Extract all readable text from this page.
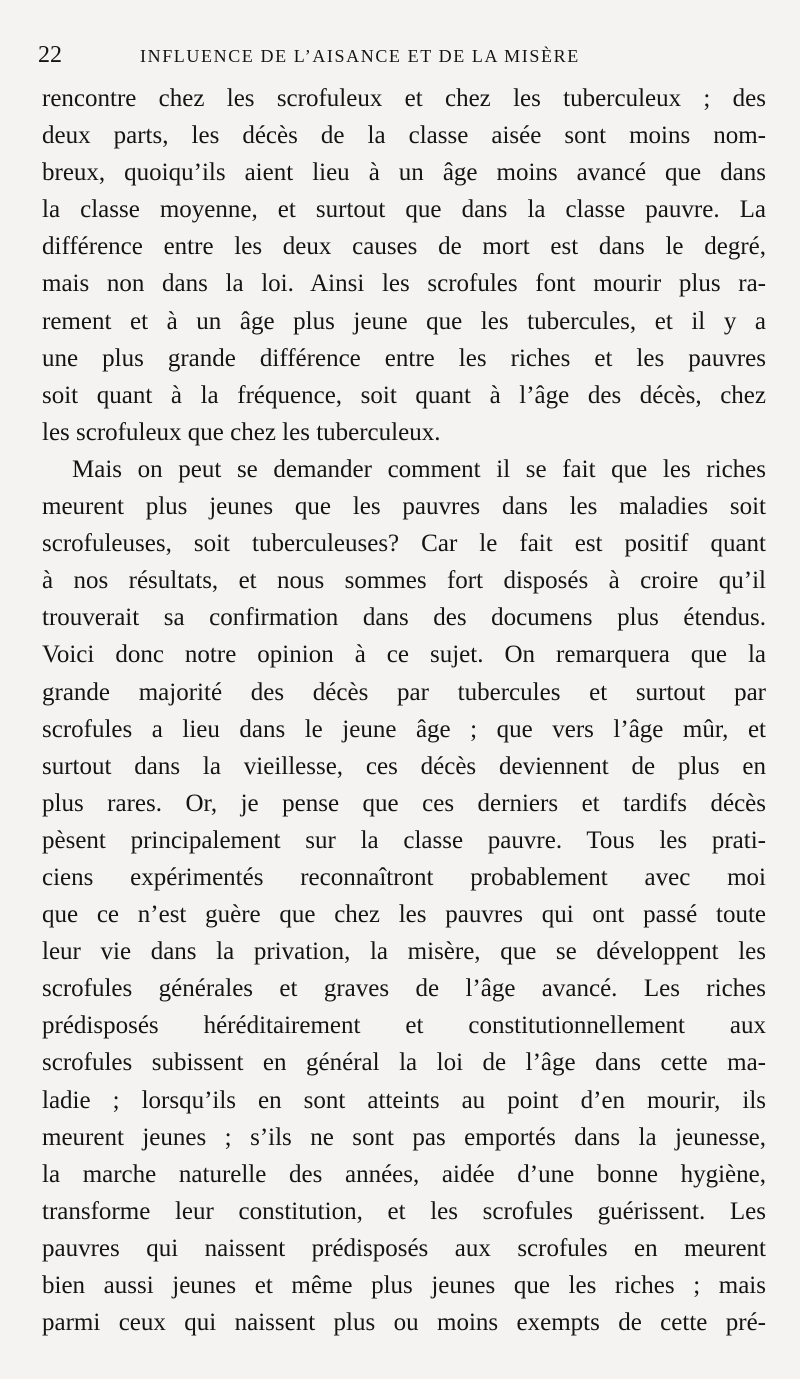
22	INFLUENCE DE L’AISANCE ET DE LA MISÈRE
rencontre chez les scrofuleux et chez les tuberculeux ; des
deux parts, les décès de la classe aisée sont moins nom-
breux, quoiqu’ils aient lieu à un âge moins avancé que dans
la classe moyenne, et surtout que dans la classe pauvre. La
différence entre les deux causes de mort est dans le degré,
mais non dans la loi. Ainsi les scrofules font mourir plus ra-
rement et à un âge plus jeune que les tubercules, et il y a
une plus grande différence entre les riches et les pauvres
soit quant à la fréquence, soit quant à l’âge des décès, chez
les scrofuleux que chez les tuberculeux.
Mais on peut se demander comment il se fait que les riches
meurent plus jeunes que les pauvres dans les maladies soit
scrofuleuses, soit tuberculeuses? Car le fait est positif quant
à nos résultats, et nous sommes fort disposés à croire qu’il
trouverait sa confirmation dans des documens plus étendus.
Voici donc notre opinion à ce sujet. On remarquera que la
grande majorité des décès par tubercules et surtout par
scrofules a lieu dans le jeune âge ; que vers l’âge mûr, et
surtout dans la vieillesse, ces décès deviennent de plus en
plus rares. Or, je pense que ces derniers et tardifs décès
pèsent principalement sur la classe pauvre. Tous les prati-
ciens expérimentés reconnaîtront probablement avec moi
que ce n’est guère que chez les pauvres qui ont passé toute
leur vie dans la privation, la misère, que se développent les
scrofules générales et graves de l’âge avancé. Les riches
prédisposés héréditairement et constitutionnellement aux
scrofules subissent en général la loi de l’âge dans cette ma-
ladie ; lorsqu’ils en sont atteints au point d’en mourir, ils
meurent jeunes ; s’ils ne sont pas emportés dans la jeunesse,
la marche naturelle des années, aidée d’une bonne hygiène,
transforme leur constitution, et les scrofules guérissent. Les
pauvres qui naissent prédisposés aux scrofules en meurent
bien aussi jeunes et même plus jeunes que les riches ; mais
parmi ceux qui naissent plus ou moins exempts de cette pré-
